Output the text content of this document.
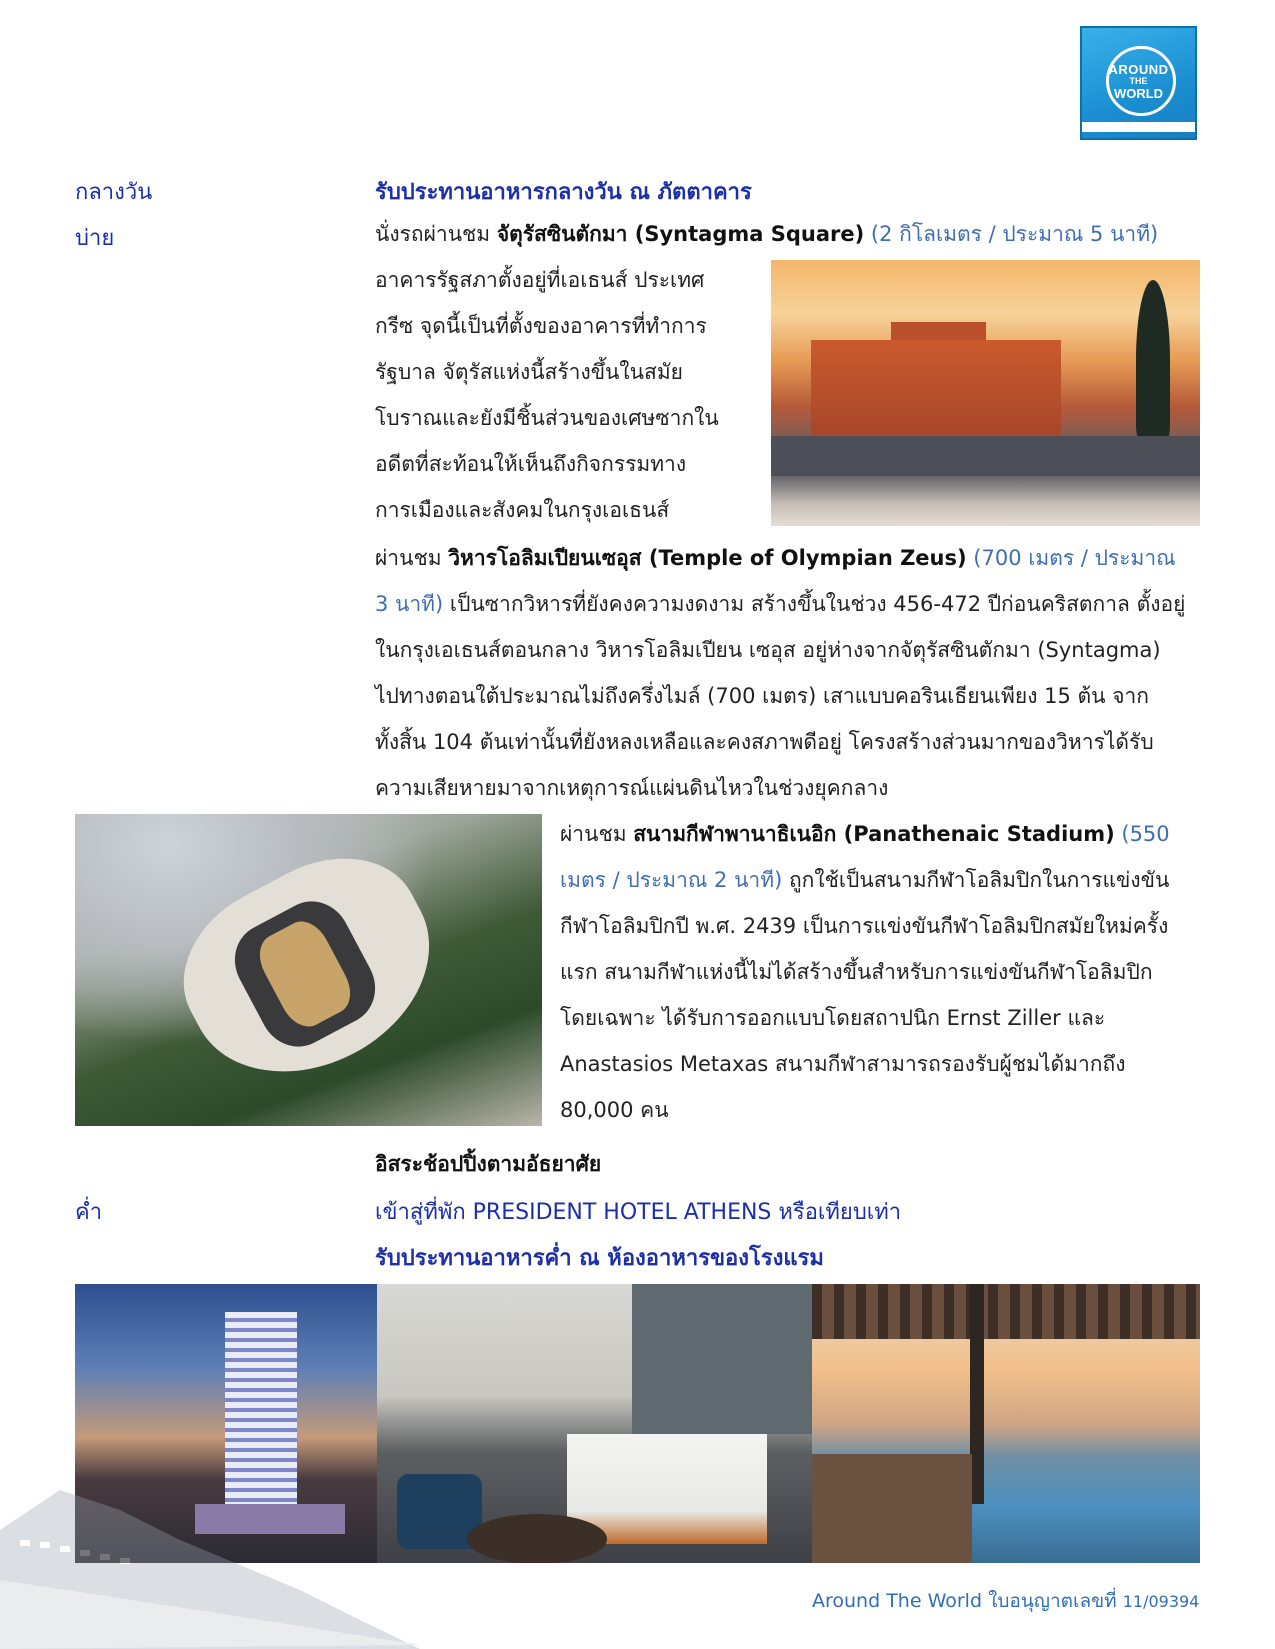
AROUND
THE
WORLD
กลางวัน	รับประทานอาหารกลางวัน ณ ภัตตาคาร
บ่าย	นั่งรถผ่านชม จัตุรัสซินตักมา (Syntagma Square) (2 กิโลเมตร / ประมาณ 5 นาที)
อาคารรัฐสภาตั้งอยู่ที่เอเธนส์ ประเทศ
กรีซ จุดนี้เป็นที่ตั้งของอาคารที่ทำการ
รัฐบาล จัตุรัสแห่งนี้สร้างขึ้นในสมัย
โบราณและยังมีชิ้นส่วนของเศษซากใน
อดีตที่สะท้อนให้เห็นถึงกิจกรรมทาง
การเมืองและสังคมในกรุงเอเธนส์
ผ่านชม วิหารโอลิมเปียนเซอุส (Temple of Olympian Zeus) (700 เมตร / ประมาณ
3 นาที) เป็นซากวิหารที่ยังคงความงดงาม สร้างขึ้นในช่วง 456-472 ปีก่อนคริสตกาล ตั้งอยู่
ในกรุงเอเธนส์ตอนกลาง วิหารโอลิมเปียน เซอุส อยู่ห่างจากจัตุรัสซินตักมา (Syntagma)
ไปทางตอนใต้ประมาณไม่ถึงครึ่งไมล์ (700 เมตร) เสาแบบคอรินเธียนเพียง 15 ต้น จาก
ทั้งสิ้น 104 ต้นเท่านั้นที่ยังหลงเหลือและคงสภาพดีอยู่ โครงสร้างส่วนมากของวิหารได้รับ
ความเสียหายมาจากเหตุการณ์แผ่นดินไหวในช่วงยุคกลาง
ผ่านชม สนามกีฬาพานาธิเนอิก (Panathenaic Stadium) (550
เมตร / ประมาณ 2 นาที) ถูกใช้เป็นสนามกีฬาโอลิมปิกในการแข่งขัน
กีฬาโอลิมปิกปี พ.ศ. 2439 เป็นการแข่งขันกีฬาโอลิมปิกสมัยใหม่ครั้ง
แรก สนามกีฬาแห่งนี้ไม่ได้สร้างขึ้นสำหรับการแข่งขันกีฬาโอลิมปิก
โดยเฉพาะ ได้รับการออกแบบโดยสถาปนิก Ernst Ziller และ
Anastasios Metaxas สนามกีฬาสามารถรองรับผู้ชมได้มากถึง
80,000 คน
อิสระช้อปปิ้งตามอัธยาศัย
ค่ำ	เข้าสู่ที่พัก PRESIDENT HOTEL ATHENS หรือเทียบเท่า
รับประทานอาหารค่ำ ณ ห้องอาหารของโรงแรม
Around The World ใบอนุญาตเลขที่ 11/09394
